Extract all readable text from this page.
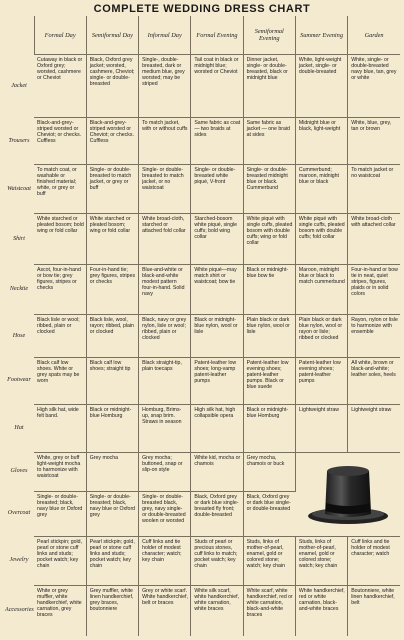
COMPLETE WEDDING DRESS CHART
	Formal Day	Semiformal Day	Informal Day	Formal Evening	Semiformal Evening	Summer Evening	Garden
Jacket	Cutaway in black or Oxford grey; worsted, cashmere or Cheviot	Black, Oxford grey jacket; worsted, cashmere, Cheviot; single- or double-breasted	Single-, double-breasted, dark or medium blue, grey worsted; may be striped	Tail coat in black or midnight blue; worsted or Cheviot	Dinner jacket, single- or double-breasted, black or midnight blue	White, light-weight jacket, single- or double-breasted	White, single- or double-breasted navy blue, tan, grey or white
Trousers	Black-and-grey-striped worsted or Cheviot; or checks. Cuffless	Black-and-grey-striped worsted or Cheviot; or checks. Cuffless	To match jacket, with or without cuffs	Same fabric as coat — two braids at sides	Same fabric as jacket — one braid at sides	Midnight blue or black, light-weight	White, blue, grey, tan or brown
Waistcoat	To match coat, or washable or finished material; white, or grey or buff	Single- or double-breasted to match jacket, or grey or buff	Single- or double-breasted to match jacket, or no waistcoat	Single- or double-breasted white piqué, V-front	Single- or double-breasted midnight blue or black. Cummerbund	Cummerbund; maroon, midnight blue or black	To match jacket or no waistcoat
Shirt	White starched or pleated bosom; bold wing or fold collar	White starched or pleated bosom; wing or fold collar	White broad-cloth, starched or attached fold collar	Starched-bosom white piqué, single cuffs; bold wing collar	White piqué with single cuffs, pleated bosom with double cuffs; wing or fold collar	White piqué with single cuffs, pleated bosom with double cuffs; fold collar	White broad-cloth with attached collar
Necktie	Ascot, four-in-hand or bow tie; grey figures, stripes or checks	Four-in-hand tie; grey figures, stripes or checks	Blue-and-white or black-and-white modest pattern four-in-hand. Solid navy	White piqué—may match shirt or waistcoat; bow tie	Black or midnight-blue bow tie	Maroon, midnight blue or black to match cummerbund	Four-in-hand or bow tie in neat, quiet stripes, figures, plaids or in solid colors
Hose	Black lisle or wool; ribbed, plain or clocked	Black lisle, wool, rayon; ribbed, plain or clocked	Black, navy or grey nylon, lisle or wool; ribbed, plain or clocked	Black or midnight-blue nylon, wool or lisle	Plain black or dark blue nylon, wool or lisle	Plain black or dark blue nylon, wool or rayon or lisle; ribbed or clocked	Rayon, nylon or lisle to harmonize with ensemble
Footwear	Black calf low shoes. White or grey spats may be worn	Black calf low shoes; straight tip	Black straight-tip, plain toecaps	Patent-leather low shoes; long-vamp patent-leather pumps	Patent-leather low evening shoes; patent-leather pumps. Black or blue suede	Patent-leather low evening shoes; patent-leather pumps	All white, brown or black-and-white; leather soles, heels
Hat	High silk hat, wide felt band.	Black or midnight-blue Homburg	Homburg, Brims-up, snap brim. Straws in season	High silk hat, high collapsible opera	Black or midnight-blue Homburg	Lightweight straw	Lightweight straw
Gloves	White, grey or buff light-weight mocha to harmonize with waistcoat	Grey mocha	Grey mocha; buttoned, snap or slip-on style	White kid, mocha or chamois	Grey mocha, chamois or buck	
Overcoat	Single- or double-breasted; black, navy blue or Oxford grey	Single- or double-breasted; black, navy blue or Oxford grey	Single- or double-breasted black, grey, navy single- or double-breasted woolen or worsted	Black, Oxford grey or dark blue single-breasted fly front; double-breasted	Black, Oxford grey or dark blue single- or double-breasted		
Jewelry	Pearl stickpin; gold, pearl or stone cuff links and studs; pocket watch; key chain	Pearl stickpin; gold, pearl or stone cuff links and studs; pocket watch; key chain	Cuff links and tie holder of modest character; watch; key chain	Studs of pearl or precious stones, cuff links to match; pocket watch; key chain	Studs, links of mother-of-pearl, enamel, gold or colored stone; watch; key chain	Studs, links of mother-of-pearl, enamel, gold or colored stone; watch; key chain	Cuff links and tie holder of modest character; watch
Accessories	White or grey muffler, white handkerchief, white carnation, grey braces	Grey muffler, white linen handkerchief, grey braces, boutonniere	Grey or white scarf. White handkerchief, belt or braces	White silk scarf, white handkerchief, white carnation, white braces	White scarf, white handkerchief, red or white carnation, black-and-white braces	White handkerchief, red or white carnation, black-and-white braces	Boutonniere, white linen handkerchief, belt
